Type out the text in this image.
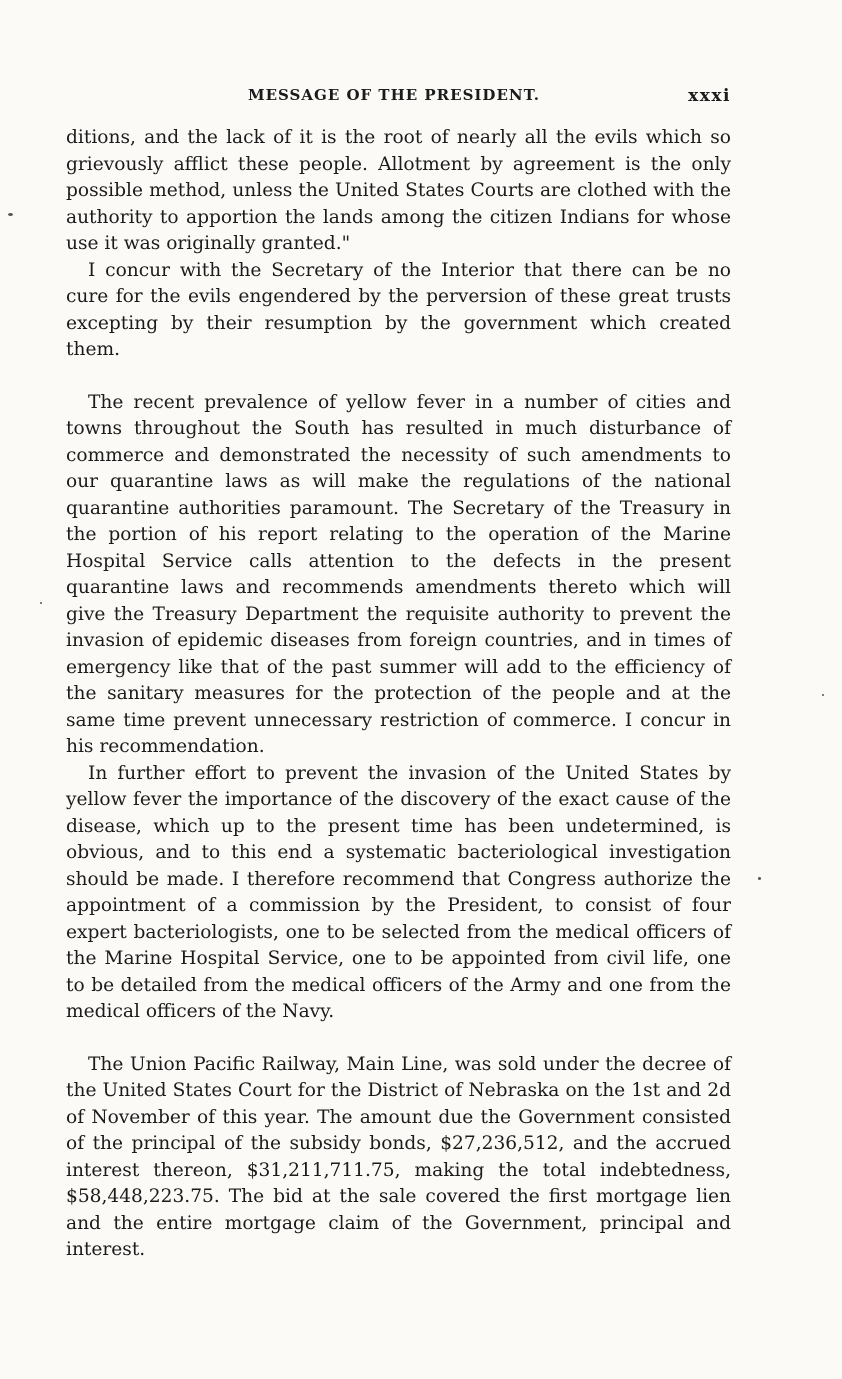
MESSAGE OF THE PRESIDENT.	xxxi

ditions, and the lack of it is the root of nearly all the evils which so grievously afflict these people. Allotment by agreement is the only possible method, unless the United States Courts are clothed with the authority to apportion the lands among the citizen Indians for whose use it was originally granted."

I concur with the Secretary of the Interior that there can be no cure for the evils engendered by the perversion of these great trusts excepting by their resumption by the government which created them.

The recent prevalence of yellow fever in a number of cities and towns throughout the South has resulted in much disturbance of commerce and demonstrated the necessity of such amendments to our quarantine laws as will make the regulations of the national quarantine authorities paramount. The Secretary of the Treasury in the portion of his report relating to the operation of the Marine Hospital Service calls attention to the defects in the present quarantine laws and recommends amendments thereto which will give the Treasury Department the requisite authority to prevent the invasion of epidemic diseases from foreign countries, and in times of emergency like that of the past summer will add to the efficiency of the sanitary measures for the protection of the people and at the same time prevent unnecessary restriction of commerce. I concur in his recommendation.

In further effort to prevent the invasion of the United States by yellow fever the importance of the discovery of the exact cause of the disease, which up to the present time has been undetermined, is obvious, and to this end a systematic bacteriological investigation should be made. I therefore recommend that Congress authorize the appointment of a commission by the President, to consist of four expert bacteriologists, one to be selected from the medical officers of the Marine Hospital Service, one to be appointed from civil life, one to be detailed from the medical officers of the Army and one from the medical officers of the Navy.

The Union Pacific Railway, Main Line, was sold under the decree of the United States Court for the District of Nebraska on the 1st and 2d of November of this year. The amount due the Government consisted of the principal of the subsidy bonds, $27,236,512, and the accrued interest thereon, $31,211,711.75, making the total indebtedness, $58,448,223.75. The bid at the sale covered the first mortgage lien and the entire mortgage claim of the Government, principal and interest.
